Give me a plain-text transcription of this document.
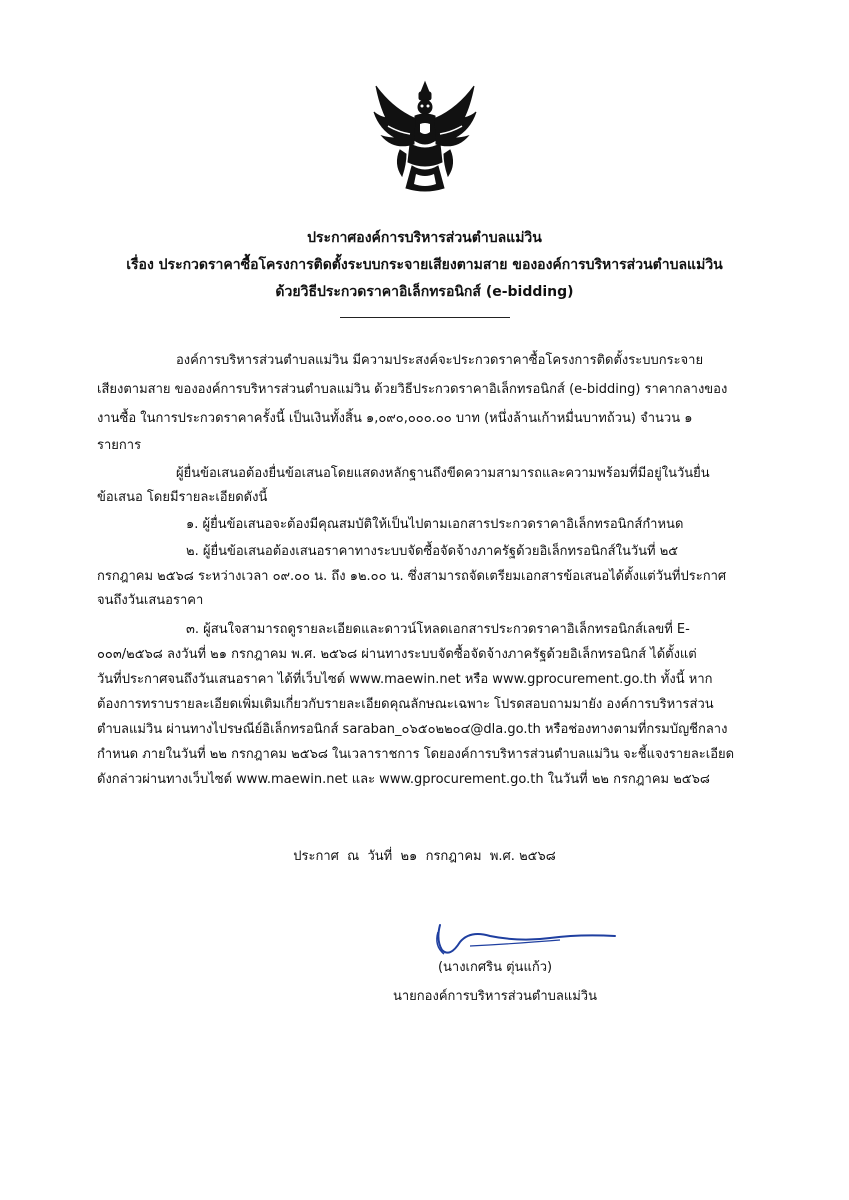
ประกาศองค์การบริหารส่วนตำบลแม่วิน
เรื่อง ประกวดราคาซื้อโครงการติดตั้งระบบกระจายเสียงตามสาย ขององค์การบริหารส่วนตำบลแม่วิน
ด้วยวิธีประกวดราคาอิเล็กทรอนิกส์ (e-bidding)
องค์การบริหารส่วนตำบลแม่วิน มีความประสงค์จะประกวดราคาซื้อโครงการติดตั้งระบบกระจาย
เสียงตามสาย ขององค์การบริหารส่วนตำบลแม่วิน ด้วยวิธีประกวดราคาอิเล็กทรอนิกส์ (e-bidding) ราคากลางของ
งานซื้อ ในการประกวดราคาครั้งนี้ เป็นเงินทั้งสิ้น ๑,๐๙๐,๐๐๐.๐๐ บาท (หนึ่งล้านเก้าหมื่นบาทถ้วน) จำนวน ๑
รายการ
ผู้ยื่นข้อเสนอต้องยื่นข้อเสนอโดยแสดงหลักฐานถึงขีดความสามารถและความพร้อมที่มีอยู่ในวันยื่น
ข้อเสนอ โดยมีรายละเอียดดังนี้
๑. ผู้ยื่นข้อเสนอจะต้องมีคุณสมบัติให้เป็นไปตามเอกสารประกวดราคาอิเล็กทรอนิกส์กำหนด
๒. ผู้ยื่นข้อเสนอต้องเสนอราคาทางระบบจัดซื้อจัดจ้างภาครัฐด้วยอิเล็กทรอนิกส์ในวันที่ ๒๕
กรกฎาคม ๒๕๖๘ ระหว่างเวลา ๐๙.๐๐ น. ถึง ๑๒.๐๐ น. ซึ่งสามารถจัดเตรียมเอกสารข้อเสนอได้ตั้งแต่วันที่ประกาศ
จนถึงวันเสนอราคา
๓. ผู้สนใจสามารถดูรายละเอียดและดาวน์โหลดเอกสารประกวดราคาอิเล็กทรอนิกส์เลขที่ E-
๐๐๓/๒๕๖๘ ลงวันที่ ๒๑ กรกฎาคม พ.ศ. ๒๕๖๘ ผ่านทางระบบจัดซื้อจัดจ้างภาครัฐด้วยอิเล็กทรอนิกส์ ได้ตั้งแต่
วันที่ประกาศจนถึงวันเสนอราคา ได้ที่เว็บไซต์ www.maewin.net หรือ www.gprocurement.go.th ทั้งนี้ หาก
ต้องการทราบรายละเอียดเพิ่มเติมเกี่ยวกับรายละเอียดคุณลักษณะเฉพาะ โปรดสอบถามมายัง องค์การบริหารส่วน
ตำบลแม่วิน ผ่านทางไปรษณีย์อิเล็กทรอนิกส์ saraban_๐๖๕๐๒๒๐๔@dla.go.th หรือช่องทางตามที่กรมบัญชีกลาง
กำหนด ภายในวันที่ ๒๒ กรกฎาคม ๒๕๖๘ ในเวลาราชการ โดยองค์การบริหารส่วนตำบลแม่วิน จะชี้แจงรายละเอียด
ดังกล่าวผ่านทางเว็บไซต์ www.maewin.net และ www.gprocurement.go.th ในวันที่ ๒๒ กรกฎาคม ๒๕๖๘
ประกาศ  ณ  วันที่  ๒๑  กรกฎาคม  พ.ศ. ๒๕๖๘
(นางเกศริน ตุ่นแก้ว)
นายกองค์การบริหารส่วนตำบลแม่วิน
